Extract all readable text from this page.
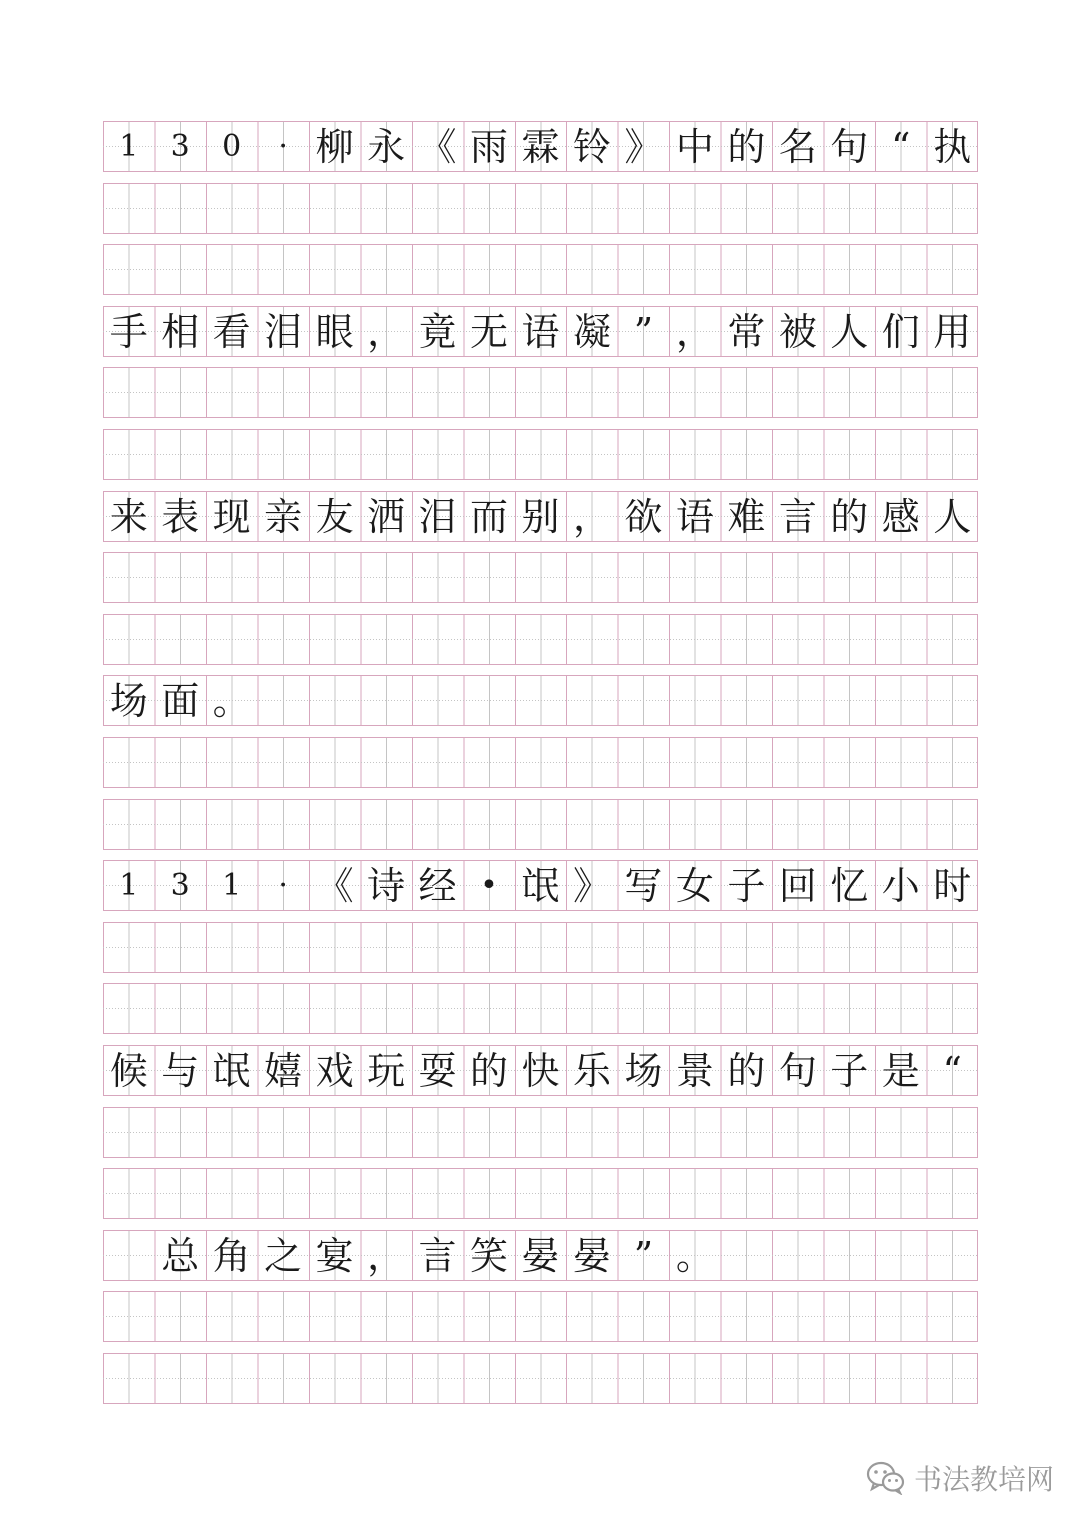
1	3	0	· 柳 永 《 雨 霖 铃 》 中 的 名 句 “ 执
手 相 看 泪 眼 ， 竟 无 语 凝 ” ， 常 被 人 们 用
来 表 现 亲 友 洒 泪 而 别 ， 欲 语 难 言 的 感 人
场 面 。
1	3	1	· 《 诗 经 • 氓 》 写 女 子 回 忆 小 时
候 与 氓 嬉 戏 玩 耍 的 快 乐 场 景 的 句 子 是 “
总 角 之 宴 ， 言 笑 晏 晏 ” 。
书法教培网
